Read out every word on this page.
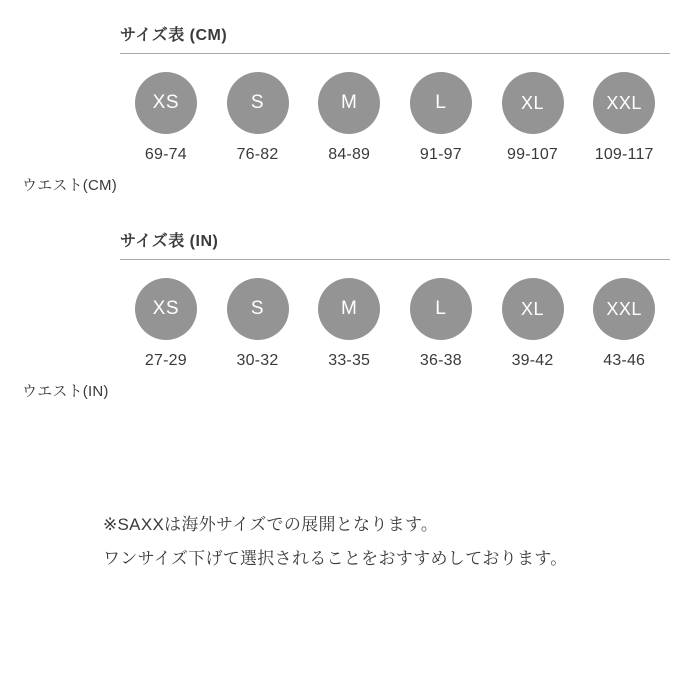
サイズ表 (CM)
XS	S	M	L	XL	XXL
ウエスト(CM)
69-74	76-82	84-89	91-97	99-107	109-117
サイズ表 (IN)
XS	S	M	L	XL	XXL
ウエスト(IN)
27-29	30-32	33-35	36-38	39-42	43-46
※SAXXは海外サイズでの展開となります。
ワンサイズ下げて選択されることをおすすめしております。
